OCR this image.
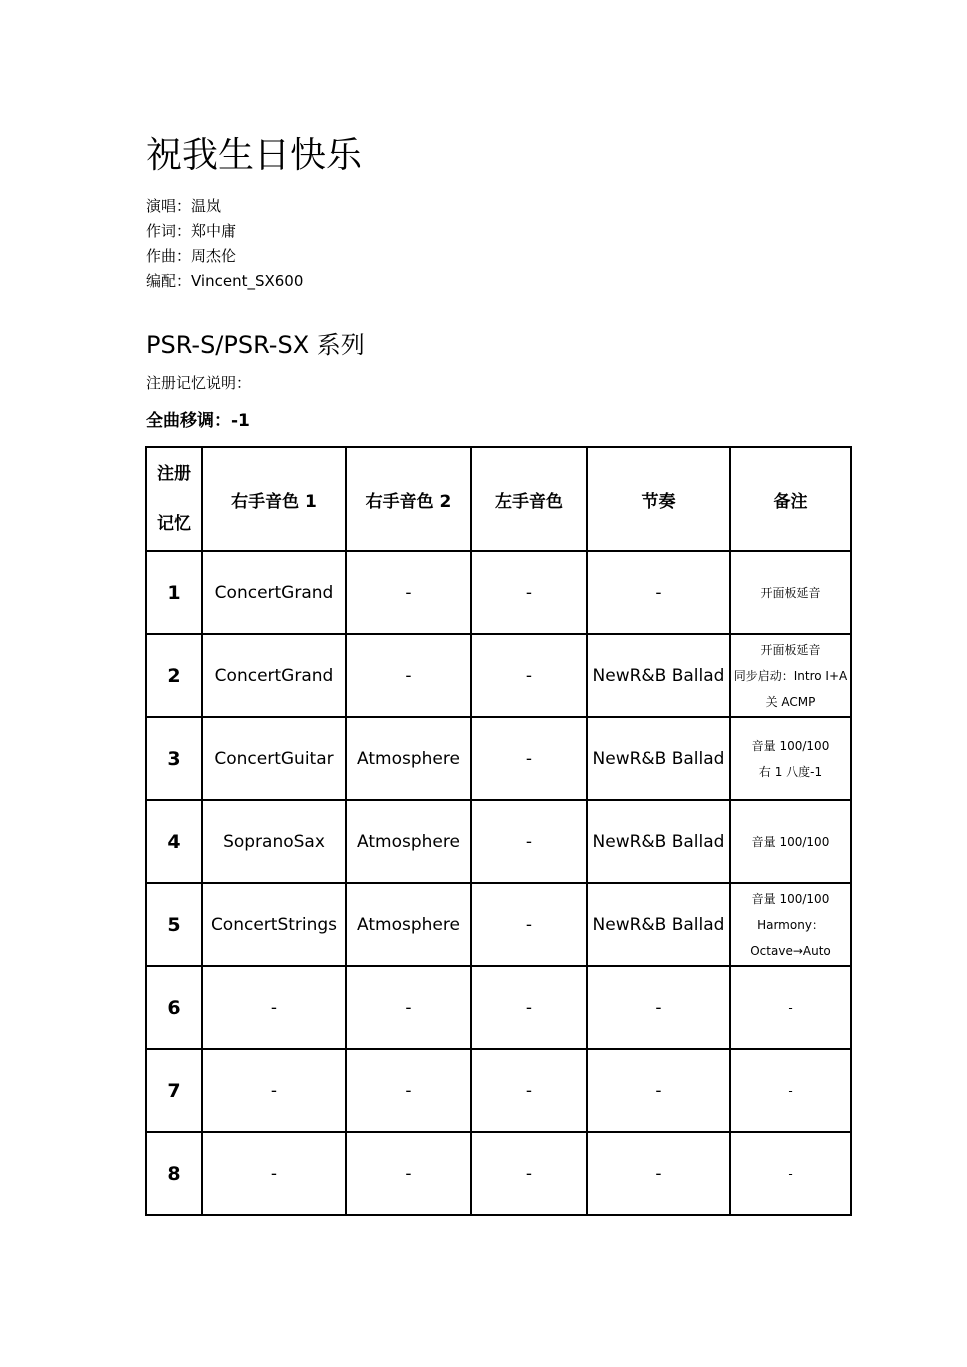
祝我生日快乐
演唱：温岚
作词：郑中庸
作曲：周杰伦
编配：Vincent_SX600
PSR-S/PSR-SX 系列
注册记忆说明：
全曲移调：-1
注册
记忆	右手音色 1	右手音色 2	左手音色	节奏	备注
1	ConcertGrand	-	-	-	开面板延音

2	ConcertGrand	-	-	NewR&B Ballad	开面板延音
同步启动：Intro I+A
关 ACMP

3	ConcertGuitar	Atmosphere	-	NewR&B Ballad	音量 100/100
右 1 八度-1

4	SopranoSax	Atmosphere	-	NewR&B Ballad	音量 100/100

5	ConcertStrings	Atmosphere	-	NewR&B Ballad	音量 100/100
Harmony：
Octave→Auto

6	-	-	-	-	-

7	-	-	-	-	-

8	-	-	-	-	-
